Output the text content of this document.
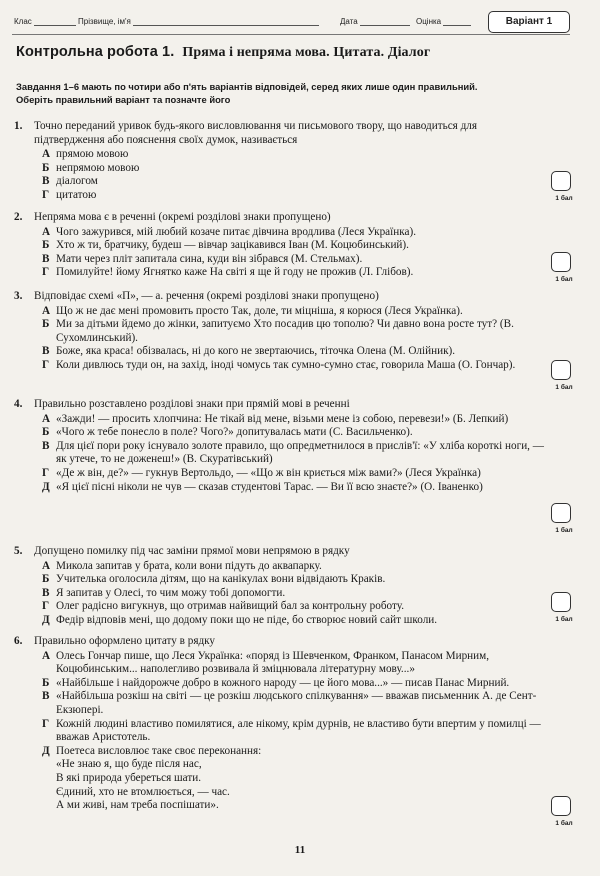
Клас	Прізвище, ім'я	Дата	Оцінка	Варіант 1
Контрольна робота 1. Пряма і непряма мова. Цитата. Діалог
Завдання 1–6 мають по чотири або п'ять варіантів відповідей, серед яких лише один правильний.
Оберіть правильний варіант та позначте його
1.	Точно переданий уривок будь-якого висловлювання чи письмового твору, що наводиться для підтвердження або пояснення своїх думок, називається
А прямою мовою
Б непрямою мовою
В діалогом
Г цитатою	1 бал
2.	Непряма мова є в реченні (окремі розділові знаки пропущено)
А Чого зажурився, мій любий козаче питає дівчина вродлива (Леся Українка).
Б Хто ж ти, братчику, будеш — вівчар зацікавився Іван (М. Коцюбинський).
В Мати через пліт запитала сина, куди він зібрався (М. Стельмах).
Г Помилуйте! йому Ягнятко каже На світі я ще й году не прожив (Л. Глібов).
1 бал
3.	Відповідає схемі «П», — а. речення (окремі розділові знаки пропущено)
А Що ж не дає мені промовить просто Так, доле, ти міцніша, я корюся (Леся Українка).
Б Ми за дітьми йдемо до жінки, запитуємо Хто посадив цю тополю? Чи давно вона росте тут? (В. Сухомлинський).
В Боже, яка краса! обізвалась, ні до кого не звертаючись, тіточка Олена (М. Олійник).
Г Коли дивлюсь туди он, на захід, іноді чомусь так сумно-сумно стає, говорила Маша (О. Гончар).
1 бал
4.	Правильно розставлено розділові знаки при прямій мові в реченні
А «Зажди! — просить хлопчина: Не тікай від мене, візьми мене із собою, перевези!» (Б. Лепкий)
Б «Чого ж тебе понесло в поле? Чого?» допитувалась мати (С. Васильченко).
В Для цієї пори року існувало золоте правило, що опредметнилося в прислів'ї: «У хліба короткі ноги, — як утече, то не доженеш!» (В. Скуратівський)
Г «Де ж він, де?» — гукнув Вертольдо, — «Що ж він криється між вами?» (Леся Українка)
Д «Я цієї пісні ніколи не чув — сказав студентові Тарас. — Ви її всю знаєте?» (О. Іваненко)
1 бал
5.	Допущено помилку під час заміни прямої мови непрямою в рядку
А Микола запитав у брата, коли вони підуть до аквапарку.
Б Учителька оголосила дітям, що на канікулах вони відвідають Краків.
В Я запитав у Олесі, то чим можу тобі допомогти.
Г Олег радісно вигукнув, що отримав найвищий бал за контрольну роботу.
Д Федір відповів мені, що додому поки що не піде, бо створює новий сайт школи.	1 бал
6.	Правильно оформлено цитату в рядку
А Олесь Гончар пише, що Леся Українка: «поряд із Шевченком, Франком, Панасом Мирним, Коцюбинським... наполегливо розвивала й зміцнювала літературну мову...»
Б «Найбільше і найдорожче добро в кожного народу — це його мова...» — писав Панас Мирний.
В «Найбільша розкіш на світі — це розкіш людського спілкування» — вважав письменник А. де Сент-Екзюпері.
Г Кожній людині властиво помилятися, але нікому, крім дурнів, не властиво бути впертим у помилці — вважав Аристотель.
Д Поетеса висловлює таке своє переконання:
«Не знаю я, що буде після нас,
В які природа убереться шати.
Єдиний, хто не втомлюється, — час.
А ми живі, нам треба поспішати».
1 бал
11
